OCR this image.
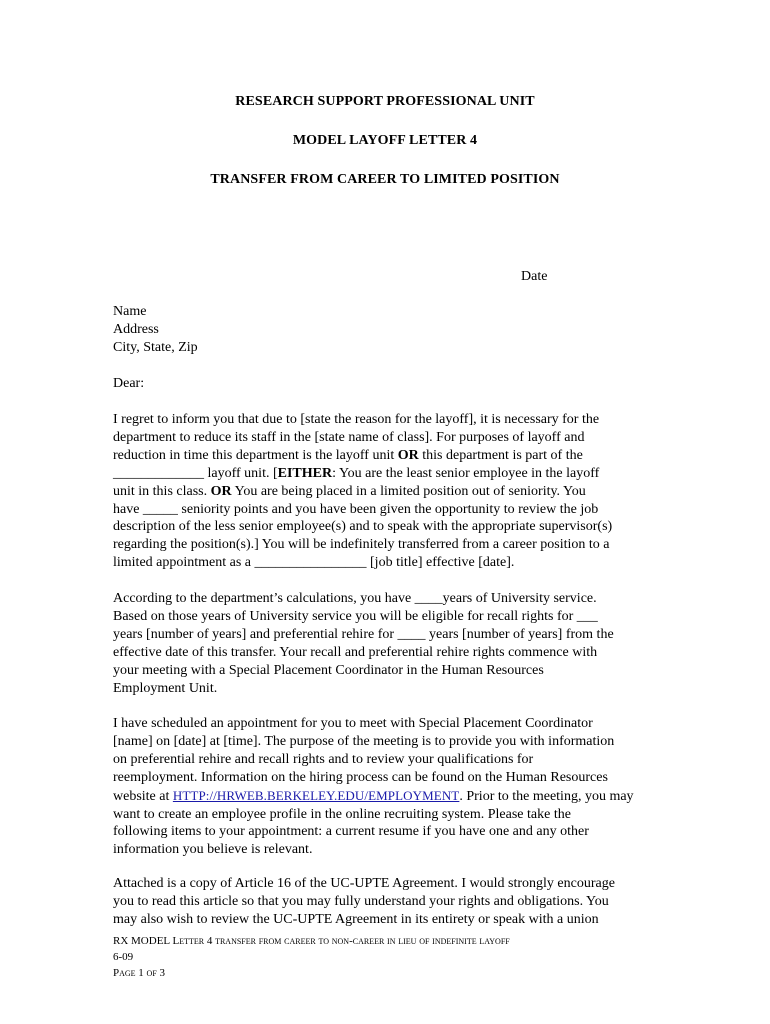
RESEARCH SUPPORT PROFESSIONAL UNIT
MODEL LAYOFF LETTER 4
TRANSFER FROM CAREER TO LIMITED POSITION
Date
Name
Address
City, State, Zip
Dear:
I regret to inform you that due to [state the reason for the layoff], it is necessary for the
department to reduce its staff in the [state name of class]. For purposes of layoff and
reduction in time this department is the layoff unit OR this department is part of the
_____________ layoff unit. [EITHER: You are the least senior employee in the layoff
unit in this class. OR You are being placed in a limited position out of seniority. You
have _____ seniority points and you have been given the opportunity to review the job
description of the less senior employee(s) and to speak with the appropriate supervisor(s)
regarding the position(s).] You will be indefinitely transferred from a career position to a
limited appointment as a ________________ [job title] effective [date].
According to the department’s calculations, you have ____years of University service.
Based on those years of University service you will be eligible for recall rights for ___
years [number of years] and preferential rehire for ____ years [number of years] from the
effective date of this transfer. Your recall and preferential rehire rights commence with
your meeting with a Special Placement Coordinator in the Human Resources
Employment Unit.
I have scheduled an appointment for you to meet with Special Placement Coordinator
[name] on [date] at [time]. The purpose of the meeting is to provide you with information
on preferential rehire and recall rights and to review your qualifications for
reemployment. Information on the hiring process can be found on the Human Resources
website at HTTP://HRWEB.BERKELEY.EDU/EMPLOYMENT. Prior to the meeting, you may
want to create an employee profile in the online recruiting system. Please take the
following items to your appointment: a current resume if you have one and any other
information you believe is relevant.
Attached is a copy of Article 16 of the UC-UPTE Agreement. I would strongly encourage
you to read this article so that you may fully understand your rights and obligations. You
may also wish to review the UC-UPTE Agreement in its entirety or speak with a union
RX MODEL Letter 4 transfer from career to non-career in lieu of indefinite layoff
6-09
Page 1 of 3
